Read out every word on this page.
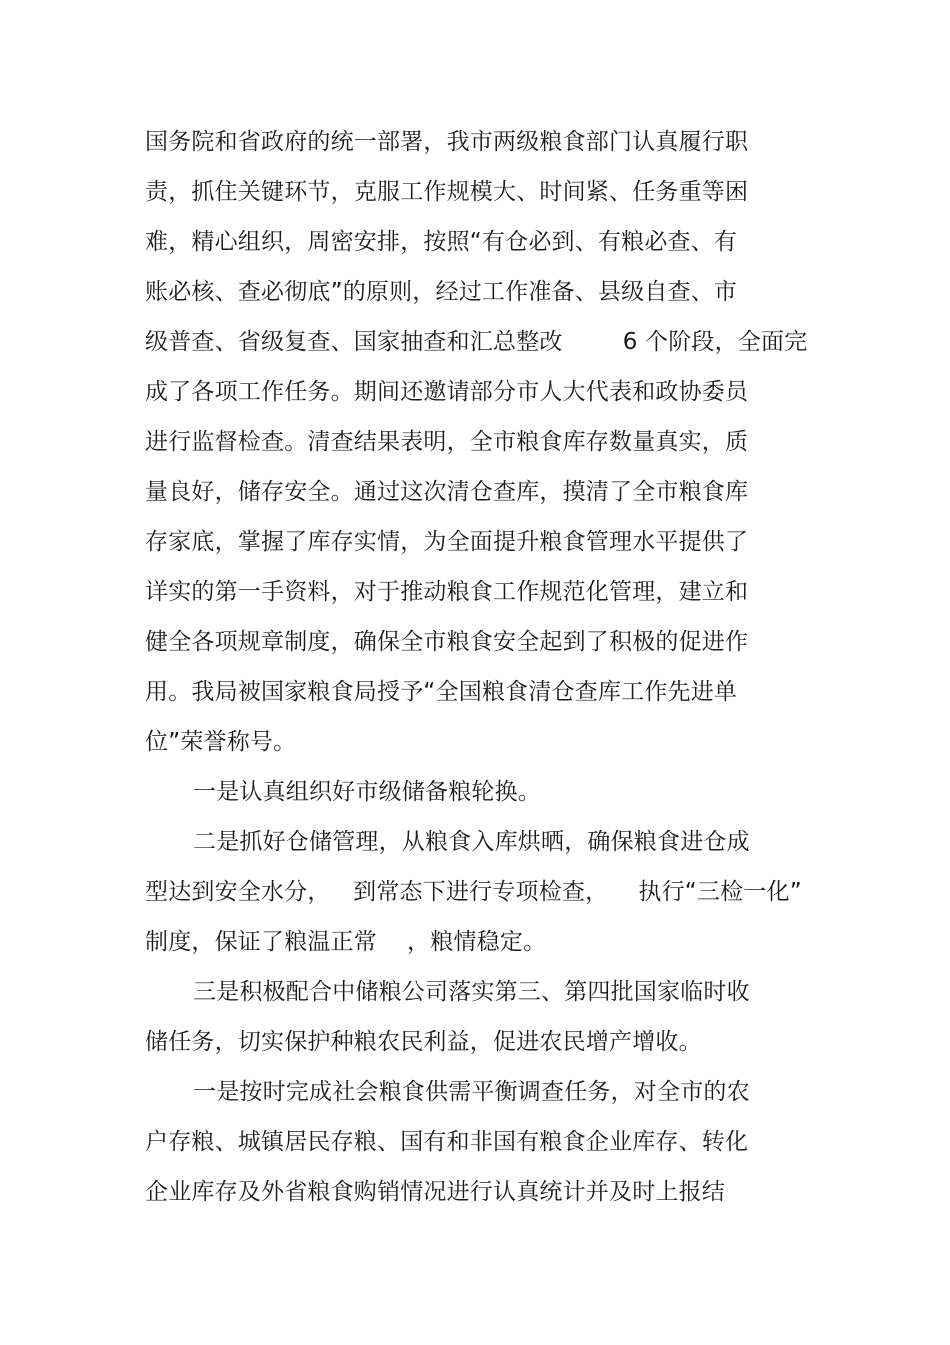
国务院和省政府的统一部署，我市两级粮食部门认真履行职
责，抓住关键环节，克服工作规模大、时间紧、任务重等困
难，精心组织，周密安排，按照“有仓必到、有粮必查、有
账必核、查必彻底”的原则，经过工作准备、县级自查、市
级普查、省级复查、国家抽查和汇总整改        6 个阶段，全面完
成了各项工作任务。期间还邀请部分市人大代表和政协委员
进行监督检查。清查结果表明，全市粮食库存数量真实，质
量良好，储存安全。通过这次清仓查库，摸清了全市粮食库
存家底，掌握了库存实情，为全面提升粮食管理水平提供了
详实的第一手资料，对于推动粮食工作规范化管理，建立和
健全各项规章制度，确保全市粮食安全起到了积极的促进作
用。我局被国家粮食局授予“全国粮食清仓查库工作先进单
位”荣誉称号。
一是认真组织好市级储备粮轮换。
二是抓好仓储管理，从粮食入库烘晒，确保粮食进仓成
型达到安全水分，   到常态下进行专项检查，    执行“三检一化”
制度，保证了粮温正常    ，粮情稳定。
三是积极配合中储粮公司落实第三、第四批国家临时收
储任务，切实保护种粮农民利益，促进农民增产增收。
一是按时完成社会粮食供需平衡调查任务，对全市的农
户存粮、城镇居民存粮、国有和非国有粮食企业库存、转化
企业库存及外省粮食购销情况进行认真统计并及时上报结
